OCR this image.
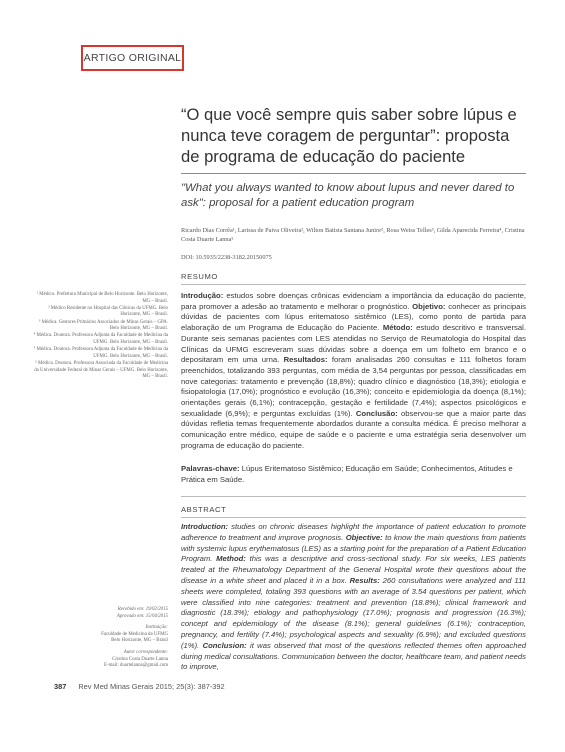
ARTIGO ORIGINAL
“O que você sempre quis saber sobre lúpus e nunca teve coragem de perguntar”: proposta de programa de educação do paciente
"What you always wanted to know about lupus and never dared to ask": proposal for a patient education program
Ricardo Dias Corrêa¹, Larissa de Paiva Oliveira², Wilton Batista Santana Junior², Rosa Weiss Telles³, Gilda Aparecida Ferreira⁴, Cristina Costa Duarte Lanna⁵
DOI: 10.5935/2238-3182.20150075
RESUMO
Introdução: estudos sobre doenças crônicas evidenciam a importância da educação do paciente, para promover a adesão ao tratamento e melhorar o prognóstico. Objetivo: conhecer as principais dúvidas de pacientes com lúpus eritematoso sistêmico (LES), como ponto de partida para elaboração de um Programa de Educação do Paciente. Método: estudo descritivo e transversal. Durante seis semanas pacientes com LES atendidas no Serviço de Reumatologia do Hospital das Clínicas da UFMG escreveram suas dúvidas sobre a doença em um folheto em branco e o depositaram em uma urna. Resultados: foram analisadas 260 consultas e 111 folhetos foram preenchidos, totalizando 393 perguntas, com média de 3,54 perguntas por pessoa, classificadas em nove categorias: tratamento e prevenção (18,8%); quadro clínico e diagnóstico (18,3%); etiologia e fisiopatologia (17,0%); prognóstico e evolução (16,3%); conceito e epidemiologia da doença (8,1%); orientações gerais (6,1%); contracepção, gestação e fertilidade (7,4%); aspectos psicológicos e sexualidade (6,9%); e perguntas excluídas (1%). Conclusão: observou-se que a maior parte das dúvidas refletia temas frequentemente abordados durante a consulta médica. É preciso melhorar a comunicação entre médico, equipe de saúde e o paciente e uma estratégia seria desenvolver um programa de educação do paciente.
Palavras-chave: Lúpus Eritematoso Sistêmico; Educação em Saúde; Conhecimentos, Atitudes e Prática em Saúde.
ABSTRACT
Introduction: studies on chronic diseases highlight the importance of patient education to promote adherence to treatment and improve prognosis. Objective: to know the main questions from patients with systemic lupus erythematosus (LES) as a starting point for the preparation of a Patient Education Program. Method: this was a descriptive and cross-sectional study. For six weeks, LES patients treated at the Rheumatology Department of the General Hospital wrote their questions about the disease in a white sheet and placed it in a box. Results: 260 consultations were analyzed and 111 sheets were completed, totaling 393 questions with an average of 3.54 questions per patient, which were classified into nine categories: treatment and prevention (18.8%); clinical framework and diagnostic (18.3%); etiology and pathophysiology (17.0%); prognosis and progression (16.3%); concept and epidemiology of the disease (8.1%); general guidelines (6.1%); contraception, pregnancy, and fertility (7.4%); psychological aspects and sexuality (6.9%); and excluded questions (1%). Conclusion: it was observed that most of the questions reflected themes often approached during medical consultations. Communication between the doctor, healthcare team, and patient needs to improve,

¹ Médico. Prefeitura Municipal de Belo Horizonte. Belo Horizonte, MG – Brasil.

² Médico Residente no Hospital das Clínicas da UFMG. Belo Horizonte, MG – Brasil.

³ Médica. Gestores Primários Associados de Minas Gerais – GPA. Belo Horizonte, MG – Brasil.

⁴ Médica. Doutora. Professora Adjunta da Faculdade de Medicina da UFMG. Belo Horizonte, MG – Brasil.

⁵ Médica. Doutora. Professora Adjunta da Faculdade de Medicina da UFMG. Belo Horizonte, MG – Brasil.

⁵ Médica. Doutora. Professora Associada da Faculdade de Medicina da Universidade Federal de Minas Gerais – UFMG. Belo Horizonte, MG – Brasil.

Recebido em: 19/02/2015

Aprovado em: 15/04/2015

Instituição:

Faculdade de Medicina da UFMG

Belo Horizonte, MG – Brasil

Autor correspondente:

Cristina Costa Duarte Lanna

E-mail: duartelanna@gmail.com

387 Rev Med Minas Gerais 2015; 25(3): 387-392
